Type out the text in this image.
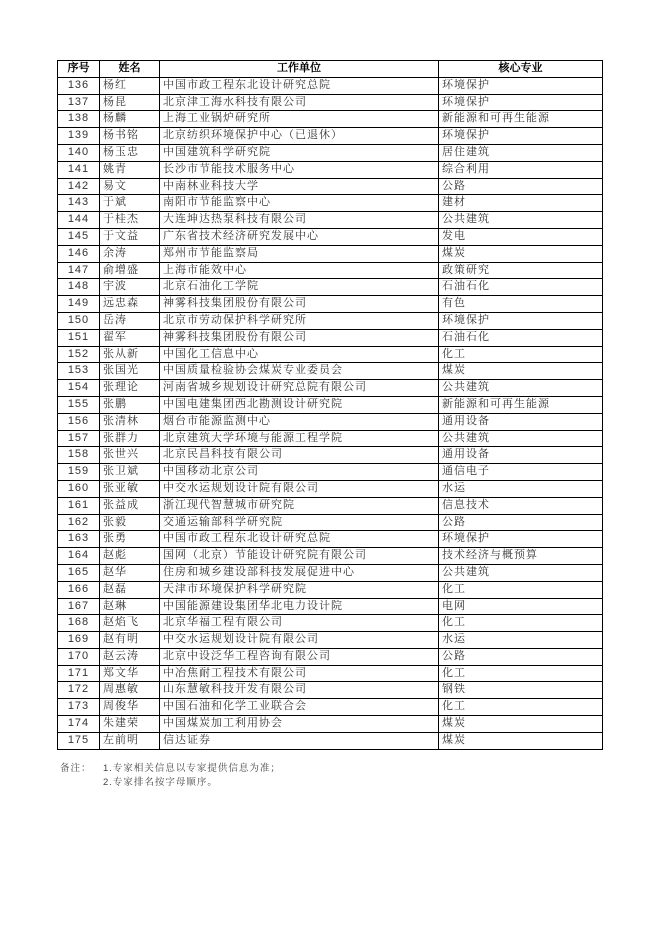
序号	姓名	工作单位	核心专业
136	杨红	中国市政工程东北设计研究总院	环境保护
137	杨昆	北京津工海水科技有限公司	环境保护
138	杨麟	上海工业锅炉研究所	新能源和可再生能源
139	杨书铭	北京纺织环境保护中心（已退休）	环境保护
140	杨玉忠	中国建筑科学研究院	居住建筑
141	姚青	长沙市节能技术服务中心	综合利用
142	易文	中南林业科技大学	公路
143	于斌	南阳市节能监察中心	建材
144	于桂杰	大连坤达热泵科技有限公司	公共建筑
145	于文益	广东省技术经济研究发展中心	发电
146	余涛	郑州市节能监察局	煤炭
147	俞增盛	上海市能效中心	政策研究
148	宇波	北京石油化工学院	石油石化
149	远忠森	神雾科技集团股份有限公司	有色
150	岳涛	北京市劳动保护科学研究所	环境保护
151	翟军	神雾科技集团股份有限公司	石油石化
152	张从新	中国化工信息中心	化工
153	张国光	中国质量检验协会煤炭专业委员会	煤炭
154	张理论	河南省城乡规划设计研究总院有限公司	公共建筑
155	张鹏	中国电建集团西北勘测设计研究院	新能源和可再生能源
156	张清林	烟台市能源监测中心	通用设备
157	张群力	北京建筑大学环境与能源工程学院	公共建筑
158	张世兴	北京民昌科技有限公司	通用设备
159	张卫斌	中国移动北京公司	通信电子
160	张亚敏	中交水运规划设计院有限公司	水运
161	张益成	浙江现代智慧城市研究院	信息技术
162	张毅	交通运输部科学研究院	公路
163	张勇	中国市政工程东北设计研究总院	环境保护
164	赵彪	国网（北京）节能设计研究院有限公司	技术经济与概预算
165	赵华	住房和城乡建设部科技发展促进中心	公共建筑
166	赵磊	天津市环境保护科学研究院	化工
167	赵琳	中国能源建设集团华北电力设计院	电网
168	赵焰飞	北京华福工程有限公司	化工
169	赵有明	中交水运规划设计院有限公司	水运
170	赵云涛	北京中设泛华工程咨询有限公司	公路
171	郑文华	中冶焦耐工程技术有限公司	化工
172	周惠敏	山东慧敏科技开发有限公司	钢铁
173	周俊华	中国石油和化学工业联合会	化工
174	朱建荣	中国煤炭加工利用协会	煤炭
175	左前明	信达证券	煤炭
备注：	1.专家相关信息以专家提供信息为准；
2.专家排名按字母顺序。
